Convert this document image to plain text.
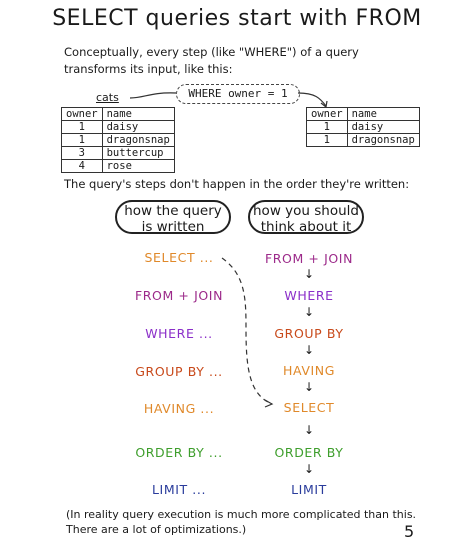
SELECT queries start with FROM
Conceptually, every step (like "WHERE") of a query transforms its input, like this:
cats
owner	name
1	daisy
1	dragonsnap
3	buttercup
4	rose
WHERE owner = 1
owner	name
1	daisy
1	dragonsnap
The query's steps don't happen in the order they're written:
how the query
is written
how you should
think about it
SELECT ...
FROM + JOIN
WHERE ...
GROUP BY ...
HAVING ...
ORDER BY ...
LIMIT ...
FROM + JOIN
↓
WHERE
↓
GROUP BY
↓
HAVING
↓
SELECT
↓
ORDER BY
↓
LIMIT
(In reality query execution is much more complicated than this. There are a lot of optimizations.)	5
